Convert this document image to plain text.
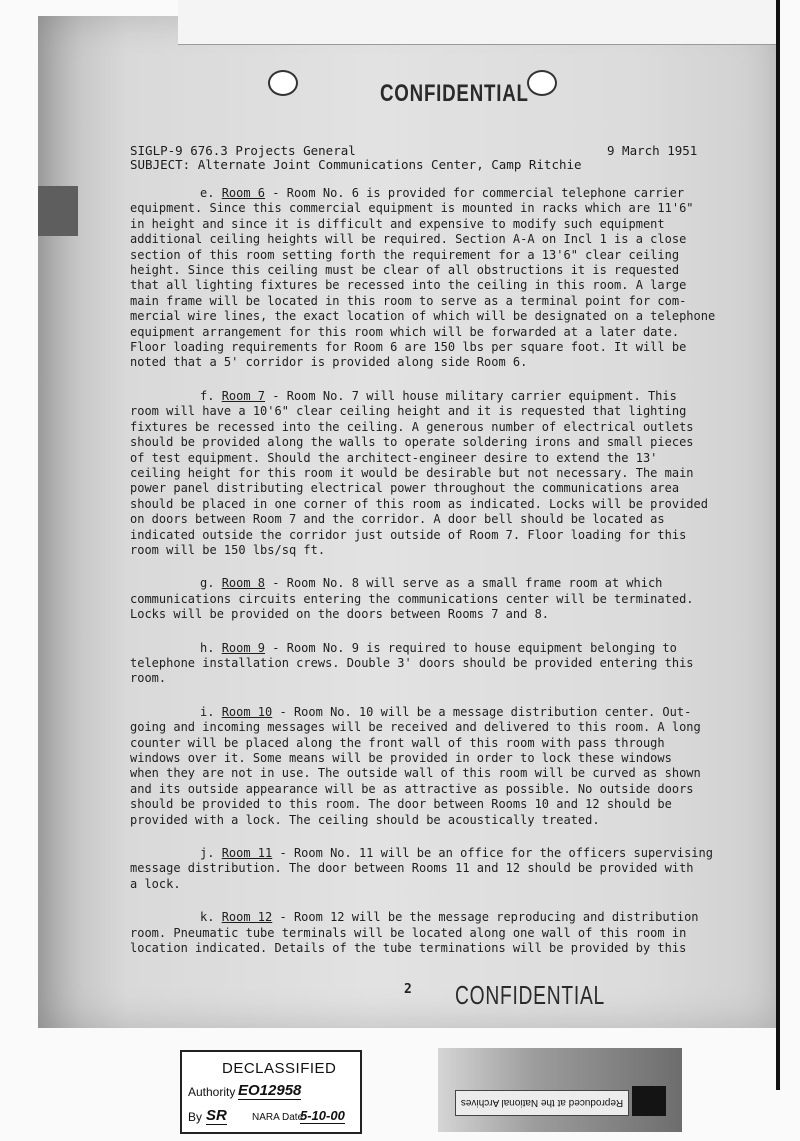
CONFIDENTIAL
SIGLP-9 676.3 Projects General	9 March 1951
SUBJECT: Alternate Joint Communications Center, Camp Ritchie
e. Room 6 - Room No. 6 is provided for commercial telephone carrier
equipment. Since this commercial equipment is mounted in racks which are 11'6"
in height and since it is difficult and expensive to modify such equipment
additional ceiling heights will be required. Section A-A on Incl 1 is a close
section of this room setting forth the requirement for a 13'6" clear ceiling
height. Since this ceiling must be clear of all obstructions it is requested
that all lighting fixtures be recessed into the ceiling in this room. A large
main frame will be located in this room to serve as a terminal point for com-
mercial wire lines, the exact location of which will be designated on a telephone
equipment arrangement for this room which will be forwarded at a later date.
Floor loading requirements for Room 6 are 150 lbs per square foot. It will be
noted that a 5' corridor is provided along side Room 6.
f. Room 7 - Room No. 7 will house military carrier equipment. This
room will have a 10'6" clear ceiling height and it is requested that lighting
fixtures be recessed into the ceiling. A generous number of electrical outlets
should be provided along the walls to operate soldering irons and small pieces
of test equipment. Should the architect-engineer desire to extend the 13'
ceiling height for this room it would be desirable but not necessary. The main
power panel distributing electrical power throughout the communications area
should be placed in one corner of this room as indicated. Locks will be provided
on doors between Room 7 and the corridor. A door bell should be located as
indicated outside the corridor just outside of Room 7. Floor loading for this
room will be 150 lbs/sq ft.
g. Room 8 - Room No. 8 will serve as a small frame room at which
communications circuits entering the communications center will be terminated.
Locks will be provided on the doors between Rooms 7 and 8.
h. Room 9 - Room No. 9 is required to house equipment belonging to
telephone installation crews. Double 3' doors should be provided entering this
room.
i. Room 10 - Room No. 10 will be a message distribution center. Out-
going and incoming messages will be received and delivered to this room. A long
counter will be placed along the front wall of this room with pass through
windows over it. Some means will be provided in order to lock these windows
when they are not in use. The outside wall of this room will be curved as shown
and its outside appearance will be as attractive as possible. No outside doors
should be provided to this room. The door between Rooms 10 and 12 should be
provided with a lock. The ceiling should be acoustically treated.
j. Room 11 - Room No. 11 will be an office for the officers supervising
message distribution. The door between Rooms 11 and 12 should be provided with
a lock.
k. Room 12 - Room 12 will be the message reproducing and distribution
room. Pneumatic tube terminals will be located along one wall of this room in
location indicated. Details of the tube terminations will be provided by this
2 CONFIDENTIAL
DECLASSIFIED
Authority EO12958
By SR	NARA Date
5-10-00
Reproduced at the National Archives
